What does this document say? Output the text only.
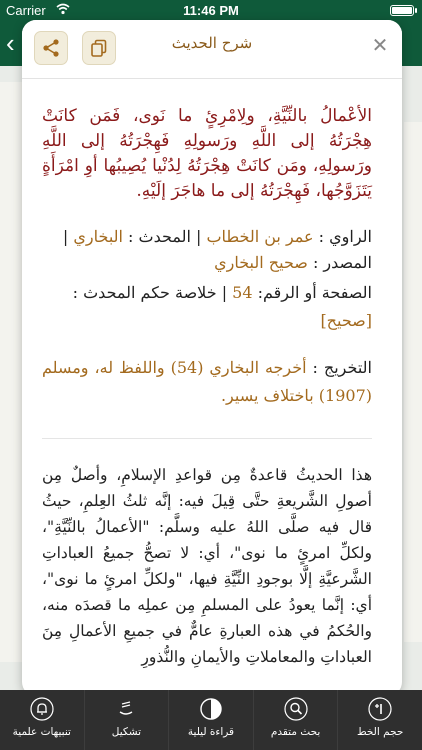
Carrier	11:46 PM
‹	شرح الحديث	✕
الأعْمالُ بالنِّيَّةِ، ولِامْرِئٍ ما نَوى، فَمَن كانَتْ هِجْرَتُهُ إلى اللَّهِ ورَسولِهِ فَهِجْرَتُهُ إلى اللَّهِ ورَسولِهِ، ومَن كانَتْ هِجْرَتُهُ لِدُنْيا يُصِيبُها أوِ امْرَأَةٍ يَتَزَوَّجُها، فَهِجْرَتُهُ إلى ما هاجَرَ إلَيْهِ.
الراوي : عمر بن الخطاب | المحدث : البخاري |
المصدر : صحيح البخاري
الصفحة أو الرقم: 54 | خلاصة حكم المحدث :
[صحيح]
التخريج : أخرجه البخاري (54) واللفظ له، ومسلم (1907) باختلاف يسير.
هذا الحديثُ قاعدةٌ مِن قواعدِ الإسلامِ، وأصلٌ مِن أصولِ الشَّريعةِ حتَّى قِيلَ فيه: إنَّه ثلثُ العِلمِ، حيثُ قال فيه صلَّى اللهُ عليه وسلَّم: "الأعمالُ بالنِّيَّةِ"، ولكلِّ امرئٍ ما نوى"، أي: لا تصحُّ جميعُ العباداتِ الشَّرعيَّةِ إلَّا بوجودِ النِّيَّةِ فيها، "ولكلِّ امرئٍ ما نوى"، أي: إنَّما يعودُ على المسلمِ مِن عملِه ما قصدَه منه، والحُكمُ في هذه العبارةِ عامٌّ في جميعِ الأعمالِ مِنَ العباداتِ والمعاملاتِ والأيمانِ والنُّذورِ
تنبيهات علمية	تشكيل	قراءة ليلية	بحث متقدم	حجم الخط
